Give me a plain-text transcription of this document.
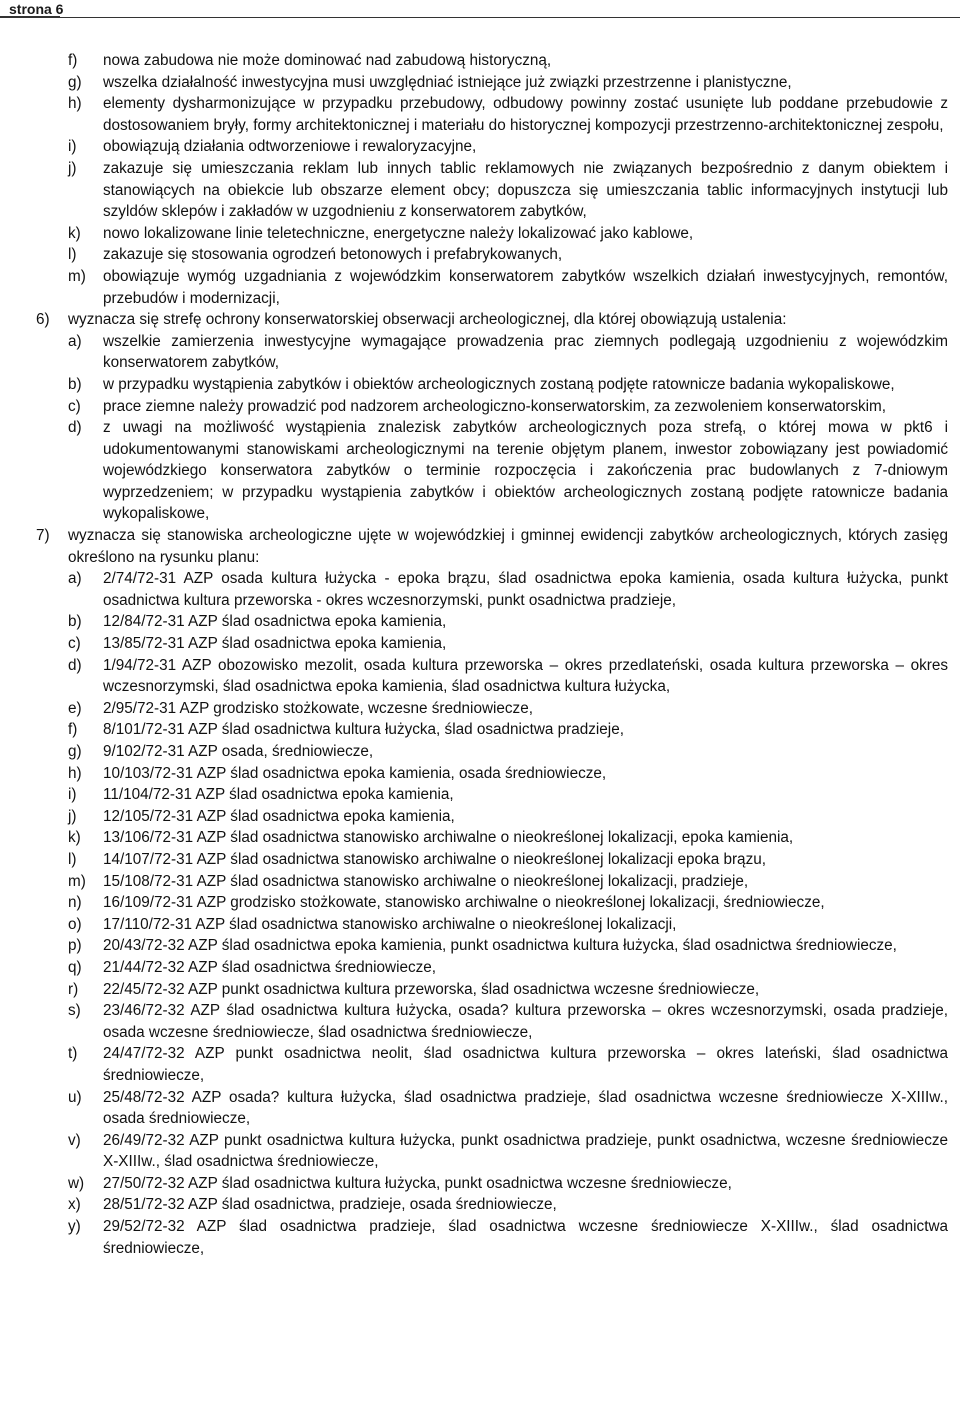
strona 6
f) nowa zabudowa nie może dominować nad zabudową historyczną,
g) wszelka działalność inwestycyjna musi uwzględniać istniejące już związki przestrzenne i planistyczne,
h) elementy dysharmonizujące w przypadku przebudowy, odbudowy powinny zostać usunięte lub poddane przebudowie z dostosowaniem bryły, formy architektonicznej i materiału do historycznej kompozycji przestrzenno-architektonicznej zespołu,
i) obowiązują działania odtworzeniowe i rewaloryzacyjne,
j) zakazuje się umieszczania reklam lub innych tablic reklamowych nie związanych bezpośrednio z danym obiektem i stanowiących na obiekcie lub obszarze element obcy; dopuszcza się umieszczania tablic informacyjnych instytucji lub szyldów sklepów i zakładów w uzgodnieniu z konserwatorem zabytków,
k) nowo lokalizowane linie teletechniczne, energetyczne należy lokalizować jako kablowe,
l) zakazuje się stosowania ogrodzeń betonowych i prefabrykowanych,
m) obowiązuje wymóg uzgadniania z wojewódzkim konserwatorem zabytków wszelkich działań inwestycyjnych, remontów, przebudów i modernizacji,
6) wyznacza się strefę ochrony konserwatorskiej obserwacji archeologicznej, dla której obowiązują ustalenia:
a) wszelkie zamierzenia inwestycyjne wymagające prowadzenia prac ziemnych podlegają uzgodnieniu z wojewódzkim konserwatorem zabytków,
b) w przypadku wystąpienia zabytków i obiektów archeologicznych zostaną podjęte ratownicze badania wykopaliskowe,
c) prace ziemne należy prowadzić pod nadzorem archeologiczno-konserwatorskim, za zezwoleniem konserwatorskim,
d) z uwagi na możliwość wystąpienia znalezisk zabytków archeologicznych poza strefą, o której mowa w pkt6 i udokumentowanymi stanowiskami archeologicznymi na terenie objętym planem, inwestor zobowiązany jest powiadomić wojewódzkiego konserwatora zabytków o terminie rozpoczęcia i zakończenia prac budowlanych z 7-dniowym wyprzedzeniem; w przypadku wystąpienia zabytków i obiektów archeologicznych zostaną podjęte ratownicze badania wykopaliskowe,
7) wyznacza się stanowiska archeologiczne ujęte w wojewódzkiej i gminnej ewidencji zabytków archeologicznych, których zasięg określono na rysunku planu:
a) 2/74/72-31 AZP osada kultura łużycka - epoka brązu, ślad osadnictwa epoka kamienia, osada kultura łużycka, punkt osadnictwa kultura przeworska - okres wczesnorzymski, punkt osadnictwa pradziejе,
b) 12/84/72-31 AZP ślad osadnictwa epoka kamienia,
c) 13/85/72-31 AZP ślad osadnictwa epoka kamienia,
d) 1/94/72-31 AZP obozowisko mezolit, osada kultura przeworska – okres przedlateński, osada kultura przeworska – okres wczesnorzymski, ślad osadnictwa epoka kamienia, ślad osadnictwa kultura łużycka,
e) 2/95/72-31 AZP grodzisko stożkowate, wczesne średniowiecze,
f) 8/101/72-31 AZP ślad osadnictwa kultura łużycka, ślad osadnictwa pradzieje,
g) 9/102/72-31 AZP osada, średniowiecze,
h) 10/103/72-31 AZP ślad osadnictwa epoka kamienia, osada średniowiecze,
i) 11/104/72-31 AZP ślad osadnictwa epoka kamienia,
j) 12/105/72-31 AZP ślad osadnictwa epoka kamienia,
k) 13/106/72-31 AZP ślad osadnictwa stanowisko archiwalne o nieokreślonej lokalizacji, epoka kamienia,
l) 14/107/72-31 AZP ślad osadnictwa stanowisko archiwalne o nieokreślonej lokalizacji epoka brązu,
m) 15/108/72-31 AZP ślad osadnictwa stanowisko archiwalne o nieokreślonej lokalizacji, pradzieje,
n) 16/109/72-31 AZP grodzisko stożkowate, stanowisko archiwalne o nieokreślonej lokalizacji, średniowiecze,
o) 17/110/72-31 AZP ślad osadnictwa stanowisko archiwalne o nieokreślonej lokalizacji,
p) 20/43/72-32 AZP ślad osadnictwa epoka kamienia, punkt osadnictwa kultura łużycka, ślad osadnictwa średniowiecze,
q) 21/44/72-32 AZP ślad osadnictwa średniowiecze,
r) 22/45/72-32 AZP punkt osadnictwa kultura przeworska, ślad osadnictwa wczesne średniowiecze,
s) 23/46/72-32 AZP ślad osadnictwa kultura łużycka, osada? kultura przeworska – okres wczesnorzymski, osada pradzieje, osada wczesne średniowiecze, ślad osadnictwa średniowiecze,
t) 24/47/72-32 AZP punkt osadnictwa neolit, ślad osadnictwa kultura przeworska – okres lateński, ślad osadnictwa średniowiecze,
u) 25/48/72-32 AZP osada? kultura łużycka, ślad osadnictwa pradzieje, ślad osadnictwa wczesne średniowiecze X-XIIIw., osada średniowiecze,
v) 26/49/72-32 AZP punkt osadnictwa kultura łużycka, punkt osadnictwa pradzieje, punkt osadnictwa, wczesne średniowiecze X-XIIIw., ślad osadnictwa średniowiecze,
w) 27/50/72-32 AZP ślad osadnictwa kultura łużycka, punkt osadnictwa wczesne średniowiecze,
x) 28/51/72-32 AZP ślad osadnictwa, pradzieje, osada średniowiecze,
y) 29/52/72-32 AZP ślad osadnictwa pradzieje, ślad osadnictwa wczesne średniowiecze X-XIIIw., ślad osadnictwa średniowiecze,
